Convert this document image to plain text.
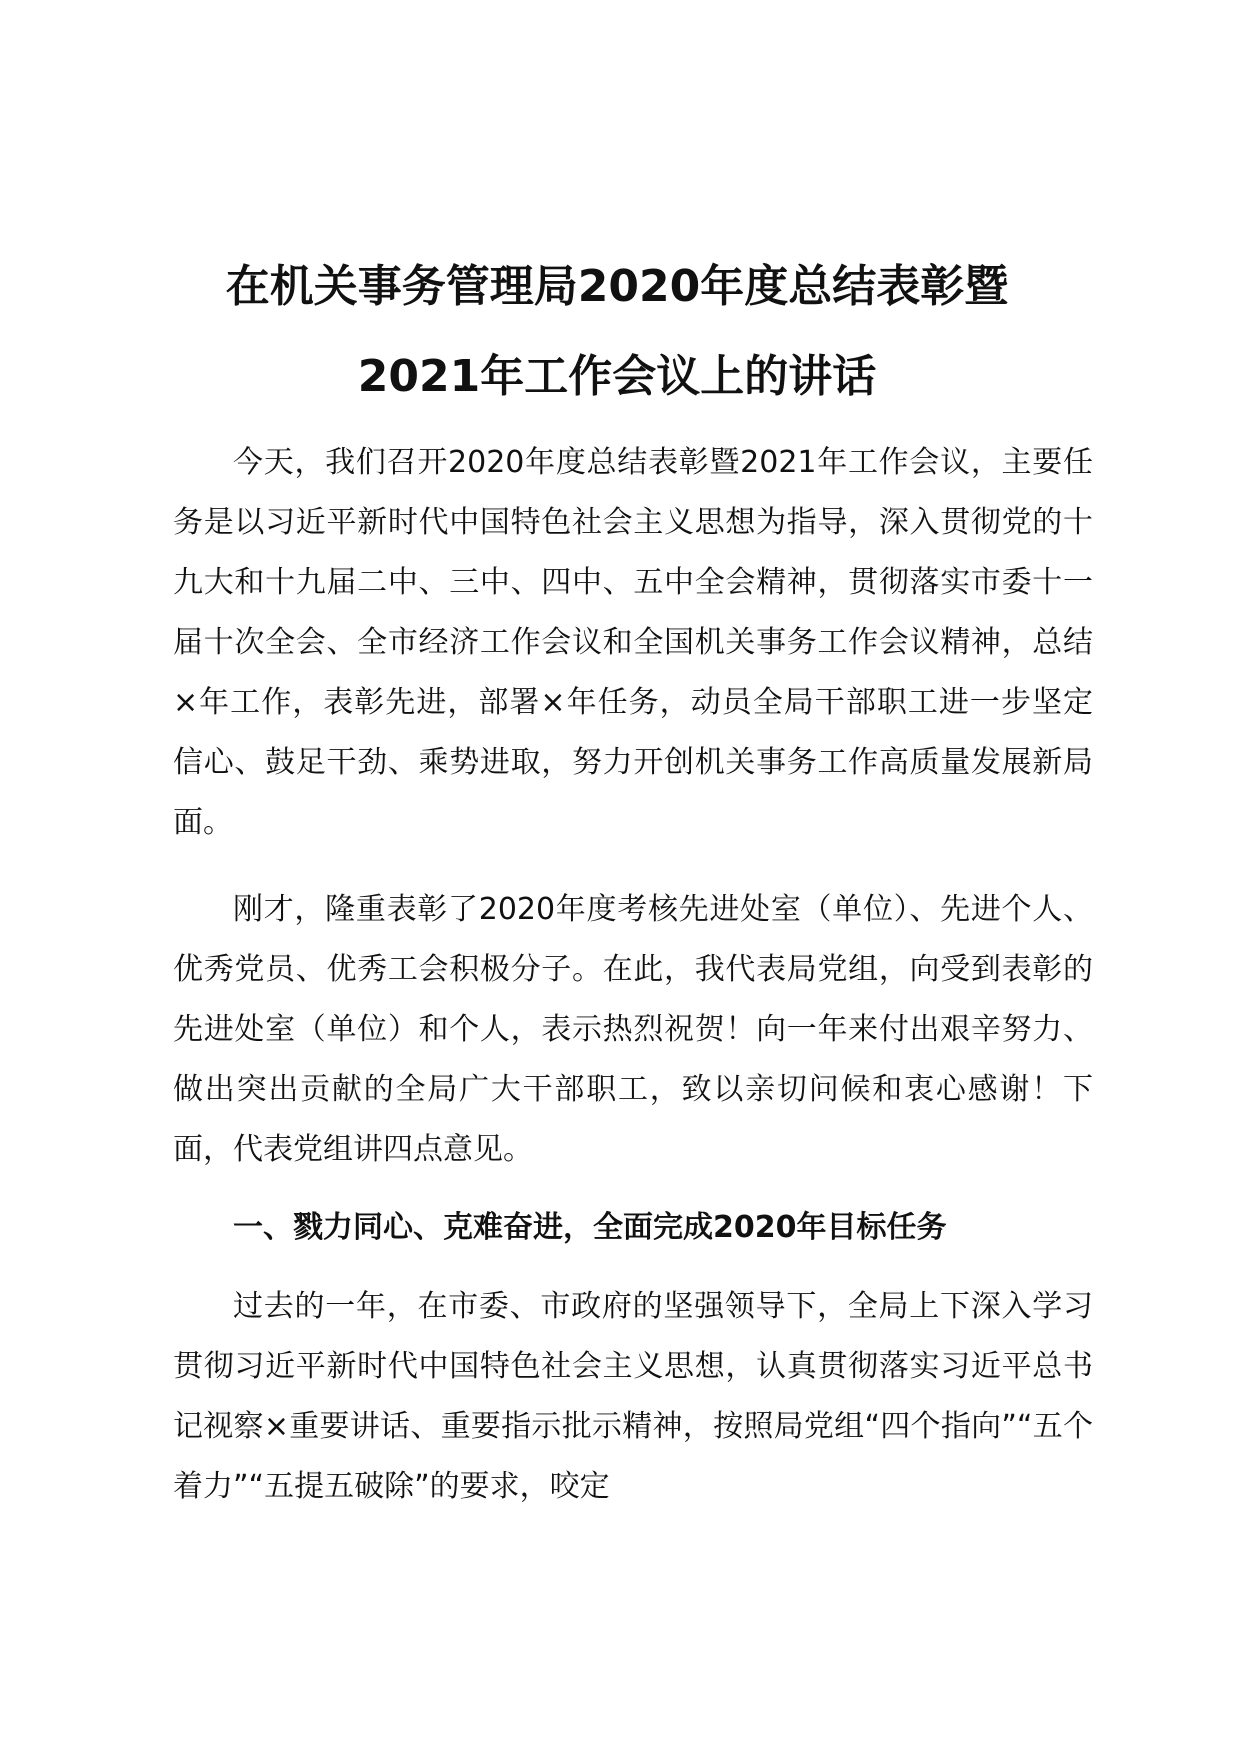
在机关事务管理局2020年度总结表彰暨
2021年工作会议上的讲话

今天，我们召开2020年度总结表彰暨2021年工作会议，主要任务是以习近平新时代中国特色社会主义思想为指导，深入贯彻党的十九大和十九届二中、三中、四中、五中全会精神，贯彻落实市委十一届十次全会、全市经济工作会议和全国机关事务工作会议精神，总结×年工作，表彰先进，部署×年任务，动员全局干部职工进一步坚定信心、鼓足干劲、乘势进取，努力开创机关事务工作高质量发展新局面。

刚才，隆重表彰了2020年度考核先进处室（单位）、先进个人、优秀党员、优秀工会积极分子。在此，我代表局党组，向受到表彰的先进处室（单位）和个人，表示热烈祝贺！向一年来付出艰辛努力、做出突出贡献的全局广大干部职工，致以亲切问候和衷心感谢！下面，代表党组讲四点意见。

一、戮力同心、克难奋进，全面完成2020年目标任务

过去的一年，在市委、市政府的坚强领导下，全局上下深入学习贯彻习近平新时代中国特色社会主义思想，认真贯彻落实习近平总书记视察×重要讲话、重要指示批示精神，按照局党组“四个指向”“五个着力”“五提五破除”的要求，咬定
